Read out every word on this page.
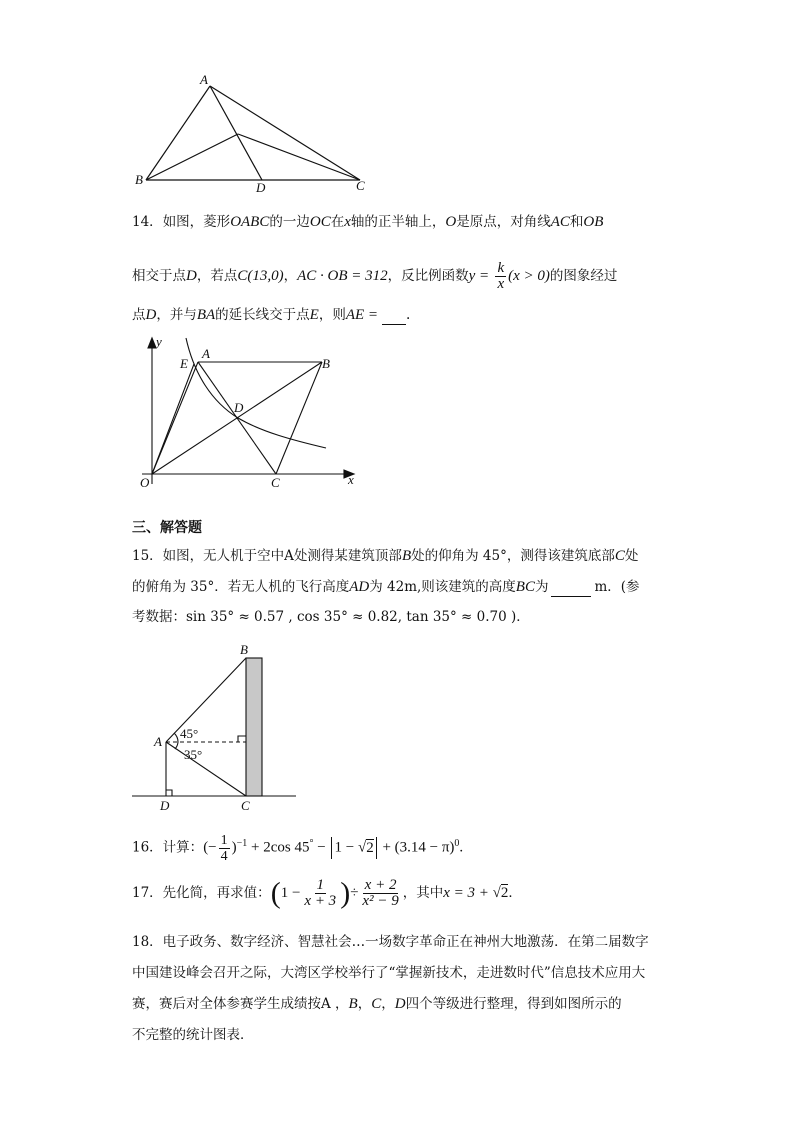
A
B	C
D
14．如图，菱形OABC的一边OC在x轴的正半轴上，O是原点，对角线AC和OB
相交于点D，若点C(13,0)，AC · OB = 312，反比例函数$y = \frac{k}{x} (x > 0)$的图象经过
点D，并与BA的延长线交于点E，则AE = .
y
x
O	C
A
E	B
D
三、解答题
15．如图，无人机于空中A处测得某建筑顶部B处的仰角为 45°，测得该建筑底部C处
的俯角为 35°．若无人机的飞行高度AD为 42m,则该建筑的高度BC为	m．(参
考数据：sin 35° ≈ 0.57 , cos 35° ≈ 0.82, tan 35° ≈ 0.70 )．
B
A
D	C
45°
35°
16．计算：(− $\frac{1}{4} )^{-1} + 2\cos$ $45^\circ - 1 - √2 + (3.14 - \pi)^0$.
17．先化简，再求值：($1 - \frac{1}{x + 3}$ )÷ $\frac{x + 2}{\text{x² − 9}}$ ，其中x = 3 + √2．
18．电子政务、数字经济、智慧社会…一场数字革命正在神州大地激荡．在第二届数字
中国建设峰会召开之际，大湾区学校举行了“掌握新技术，走进数时代”信息技术应用大
赛，赛后对全体参赛学生成绩按A ，B，C，D四个等级进行整理，得到如图所示的
不完整的统计图表．
